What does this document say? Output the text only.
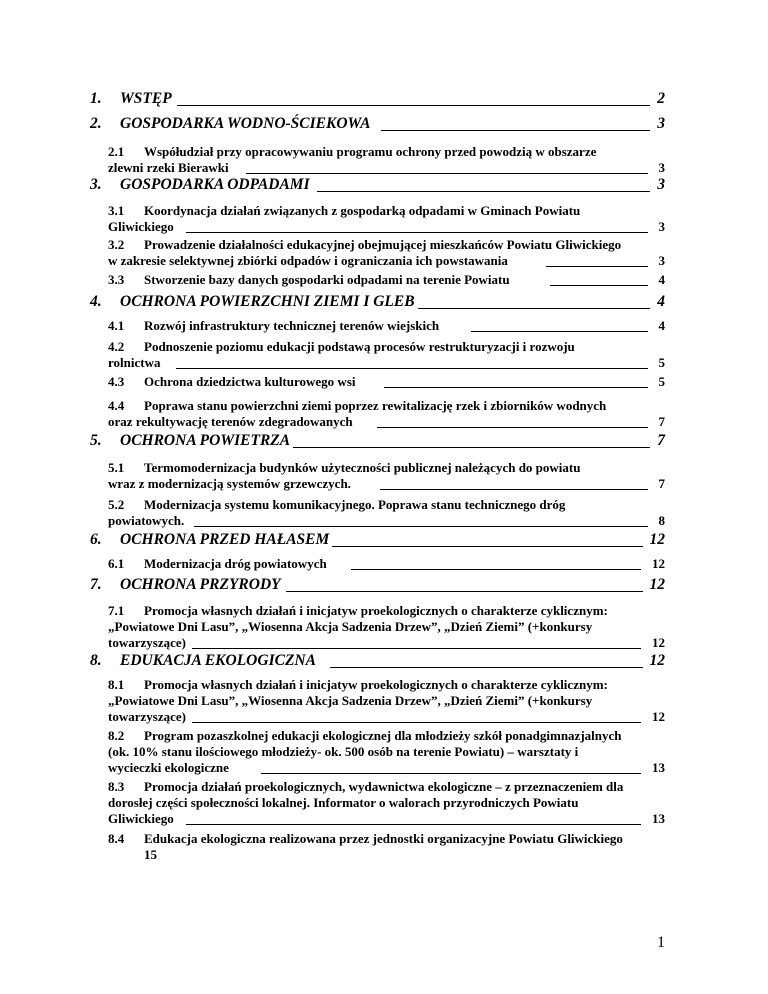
1. WSTĘP	2
2. GOSPODARKA WODNO-ŚCIEKOWA	3
2.1 Współudział przy opracowywaniu programu ochrony przed powodzią w obszarze
zlewni rzeki Bierawki	3
3. GOSPODARKA ODPADAMI	3
3.1 Koordynacja działań związanych z gospodarką odpadami w Gminach Powiatu
Gliwickiego	3
3.2 Prowadzenie działalności edukacyjnej obejmującej mieszkańców Powiatu Gliwickiego
w zakresie selektywnej zbiórki odpadów i ograniczania ich powstawania	3
3.3 Stworzenie bazy danych gospodarki odpadami na terenie Powiatu	4
4. OCHRONA POWIERZCHNI ZIEMI I GLEB	4
4.1 Rozwój infrastruktury technicznej terenów wiejskich	4
4.2 Podnoszenie poziomu edukacji podstawą procesów restrukturyzacji i rozwoju
rolnictwa	5
4.3 Ochrona dziedzictwa kulturowego wsi	5
4.4 Poprawa stanu powierzchni ziemi poprzez rewitalizację rzek i zbiorników wodnych
oraz rekultywację terenów zdegradowanych	7
5. OCHRONA POWIETRZA	7
5.1 Termomodernizacja budynków użyteczności publicznej należących do powiatu
wraz z modernizacją systemów grzewczych.	7
5.2 Modernizacja systemu komunikacyjnego. Poprawa stanu technicznego dróg
powiatowych.	8
6. OCHRONA PRZED HAŁASEM	12
6.1 Modernizacja dróg powiatowych	12
7. OCHRONA PRZYRODY	12
7.1 Promocja własnych działań i inicjatyw proekologicznych o charakterze cyklicznym:
„Powiatowe Dni Lasu”, „Wiosenna Akcja Sadzenia Drzew”, „Dzień Ziemi” (+konkursy
towarzyszące)	12
8. EDUKACJA EKOLOGICZNA	12
8.1 Promocja własnych działań i inicjatyw proekologicznych o charakterze cyklicznym:
„Powiatowe Dni Lasu”, „Wiosenna Akcja Sadzenia Drzew”, „Dzień Ziemi” (+konkursy
towarzyszące)	12
8.2 Program pozaszkolnej edukacji ekologicznej dla młodzieży szkół ponadgimnazjalnych
(ok. 10% stanu ilościowego młodzieży- ok. 500 osób na terenie Powiatu) – warsztaty i
wycieczki ekologiczne	13
8.3 Promocja działań proekologicznych, wydawnictwa ekologiczne – z przeznaczeniem dla
dorosłej części społeczności lokalnej. Informator o walorach przyrodniczych Powiatu
Gliwickiego	13
8.4 Edukacja ekologiczna realizowana przez jednostki organizacyjne Powiatu Gliwickiego
15
1
